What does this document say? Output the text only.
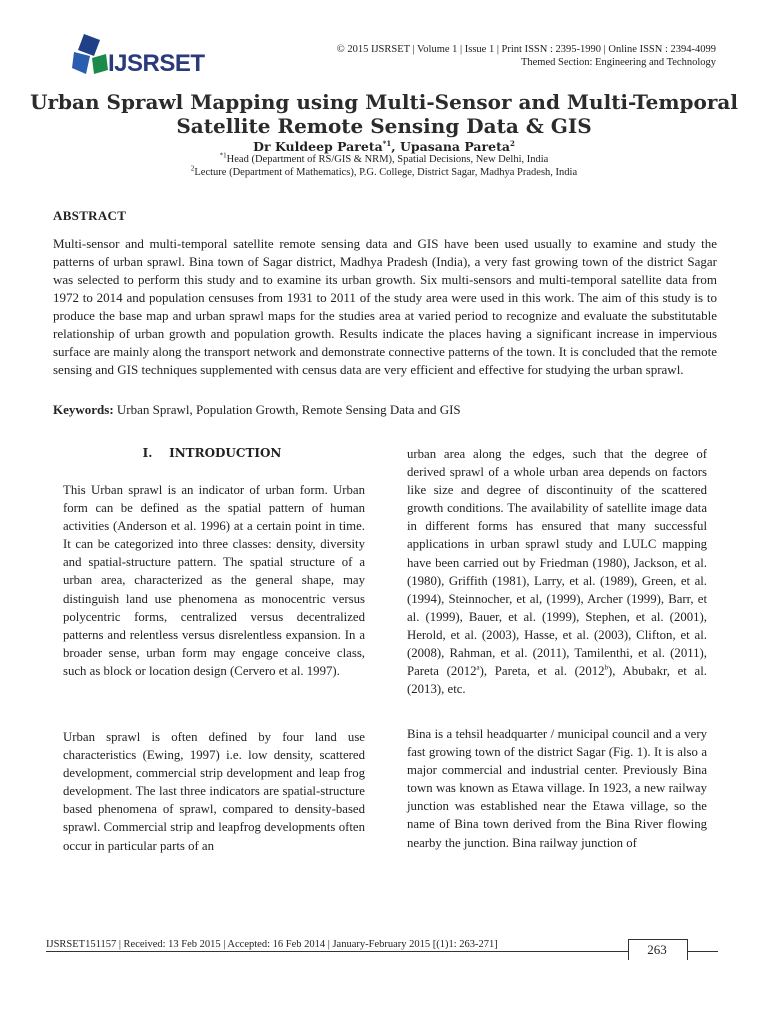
IJSRSET
© 2015 IJSRSET | Volume 1 | Issue 1 | Print ISSN : 2395-1990 | Online ISSN : 2394-4099
Themed Section: Engineering and Technology
Urban Sprawl Mapping using Multi-Sensor and Multi-Temporal Satellite Remote Sensing Data & GIS
Dr Kuldeep Pareta$^{*1}$, Upasana Pareta$^2$
$^{*1}$Head (Department of RS/GIS & NRM), Spatial Decisions, New Delhi, India
$^2$Lecture (Department of Mathematics), P.G. College, District Sagar, Madhya Pradesh, India
ABSTRACT
Multi-sensor and multi-temporal satellite remote sensing data and GIS have been used usually to examine and study the patterns of urban sprawl. Bina town of Sagar district, Madhya Pradesh (India), a very fast growing town of the district Sagar was selected to perform this study and to examine its urban growth. Six multi-sensors and multi-temporal satellite data from 1972 to 2014 and population censuses from 1931 to 2011 of the study area were used in this work. The aim of this study is to produce the base map and urban sprawl maps for the studies area at varied period to recognize and evaluate the substitutable relationship of urban growth and population growth. Results indicate the places having a significant increase in impervious surface are mainly along the transport network and demonstrate connective patterns of the town. It is concluded that the remote sensing and GIS techniques supplemented with census data are very efficient and effective for studying the urban sprawl.
Keywords: Urban Sprawl, Population Growth, Remote Sensing Data and GIS
I.    INTRODUCTION
This Urban sprawl is an indicator of urban form. Urban form can be defined as the spatial pattern of human activities (Anderson et al. 1996) at a certain point in time. It can be categorized into three classes: density, diversity and spatial-structure pattern. The spatial structure of a urban area, characterized as the general shape, may distinguish land use phenomena as monocentric versus polycentric forms, centralized versus decentralized patterns and relentless versus disrelentless expansion. In a broader sense, urban form may engage conceive class, such as block or location design (Cervero et al. 1997).
Urban sprawl is often defined by four land use characteristics (Ewing, 1997) i.e. low density, scattered development, commercial strip development and leap frog development. The last three indicators are spatial-structure based phenomena of sprawl, compared to density-based sprawl. Commercial strip and leapfrog developments often occur in particular parts of an
urban area along the edges, such that the degree of derived sprawl of a whole urban area depends on factors like size and degree of discontinuity of the scattered growth conditions. The availability of satellite image data in different forms has ensured that many successful applications in urban sprawl study and LULC mapping have been carried out by Friedman (1980), Jackson, et al. (1980), Griffith (1981), Larry, et al. (1989), Green, et al. (1994), Steinnocher, et al, (1999), Archer (1999), Barr, et al. (1999), Bauer, et al. (1999), Stephen, et al. (2001), Herold, et al. (2003), Hasse, et al. (2003), Clifton, et al. (2008), Rahman, et al. (2011), Tamilenthi, et al. (2011), Pareta (2012$^a$), Pareta, et al. (2012$^b$), Abubakr, et al. (2013), etc.
Bina is a tehsil headquarter / municipal council and a very fast growing town of the district Sagar (Fig. 1). It is also a major commercial and industrial center. Previously Bina town was known as Etawa village. In 1923, a new railway junction was established near the Etawa village, so the name of Bina town derived from the Bina River flowing nearby the junction. Bina railway junction of
IJSRSET151157 | Received: 13 Feb 2015 | Accepted: 16 Feb 2014 | January-February 2015 [(1)1: 263-271]	263
